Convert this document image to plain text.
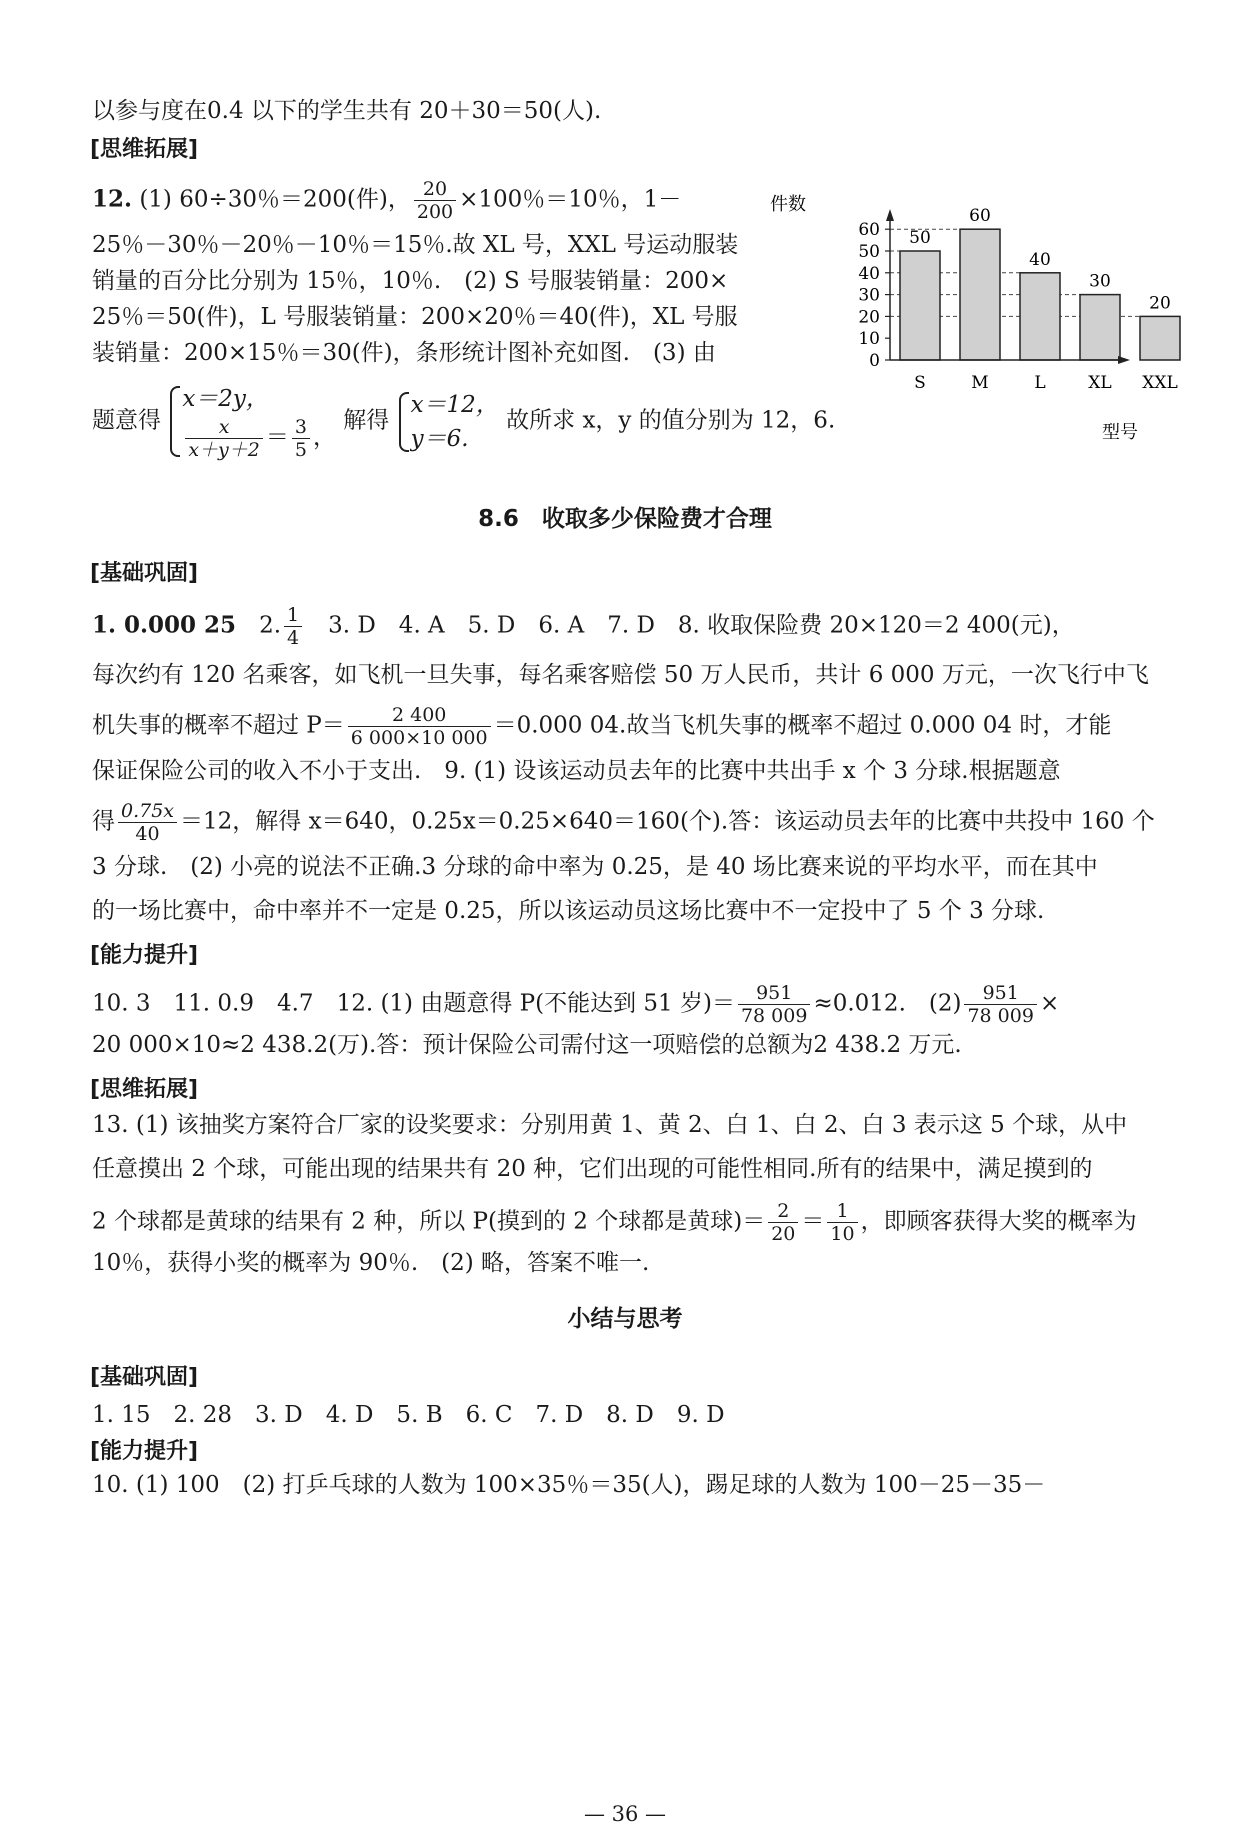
以参与度在0.4 以下的学生共有 20＋30＝50(人).
[思维拓展]
12. (1) 60÷30％＝200(件)， $\frac{20}{200} \times 100$％＝10％，1－
25％－30％－20％－10％＝15％.故 XL 号，XXL 号运动服装
销量的百分比分别为 15％，10％.　(2) S 号服装销量：200×
25％＝50(件)，L 号服装销量：200×20％＝40(件)，XL 号服
装销量：200×15％＝30(件)，条形统计图补充如图.　(3) 由
题意得
x＝2y，
$\frac{x}{x+y+2} = \frac{3}{5}$ ，
解得
x＝12，
y＝6.
故所求 x，y 的值分别为 12，6.
件数
型号
50
S
60
M
40
L
30
XL
20
XXL
0
10
20
30
40
50
60
8.6　收取多少保险费才合理
[基础巩固]
1. 0.000 25　 2. $\frac{1}{4}$
　 3. D　4. A　5. D　6. A　7. D　8. 收取保险费 20×120＝2 400(元)，
每次约有 120 名乘客，如飞机一旦失事，每名乘客赔偿 50 万人民币，共计 6 000 万元，一次飞行中飞
机失事的概率不超过 $P= \frac{2 400}{6 000\times 10 000} =0.000$ 04.故当飞机失事的概率不超过 0.000 04 时，才能
保证保险公司的收入不小于支出.　9. (1) 设该运动员去年的比赛中共出手 x 个 3 分球.根据题意
得 $\frac{0.75x}{40} =12$，解得 x＝640，0.25x＝0.25×640＝160(个).答：该运动员去年的比赛中共投中 160 个
3 分球.　(2) 小亮的说法不正确.3 分球的命中率为 0.25，是 40 场比赛来说的平均水平，而在其中
的一场比赛中，命中率并不一定是 0.25，所以该运动员这场比赛中不一定投中了 5 个 3 分球.
[能力提升]
10. 3　11. 0.9　4.7　12. (1) 由题意得 P(不能达到 51 岁)＝ $\frac{951}{78 009} \approx 0.012$.　$(2) \frac{951}{78 009}$ ×
20 000×10≈2 438.2(万).答：预计保险公司需付这一项赔偿的总额为2 438.2 万元.
[思维拓展]
13. (1) 该抽奖方案符合厂家的设奖要求：分别用黄 1、黄 2、白 1、白 2、白 3 表示这 5 个球，从中
任意摸出 2 个球，可能出现的结果共有 20 种，它们出现的可能性相同.所有的结果中，满足摸到的
2 个球都是黄球的结果有 2 种，所以 P(摸到的 2 个球都是黄球)＝ $\frac{2}{20} = \frac{1}{10}$ ，即顾客获得大奖的概率为
10％，获得小奖的概率为 90％.　(2) 略，答案不唯一.
小结与思考
[基础巩固]
1. 15　2. 28　3. D　4. D　5. B　6. C　7. D　8. D　9. D
[能力提升]
10. (1) 100　(2) 打乒乓球的人数为 100×35％＝35(人)，踢足球的人数为 100－25－35－
— 36 —
